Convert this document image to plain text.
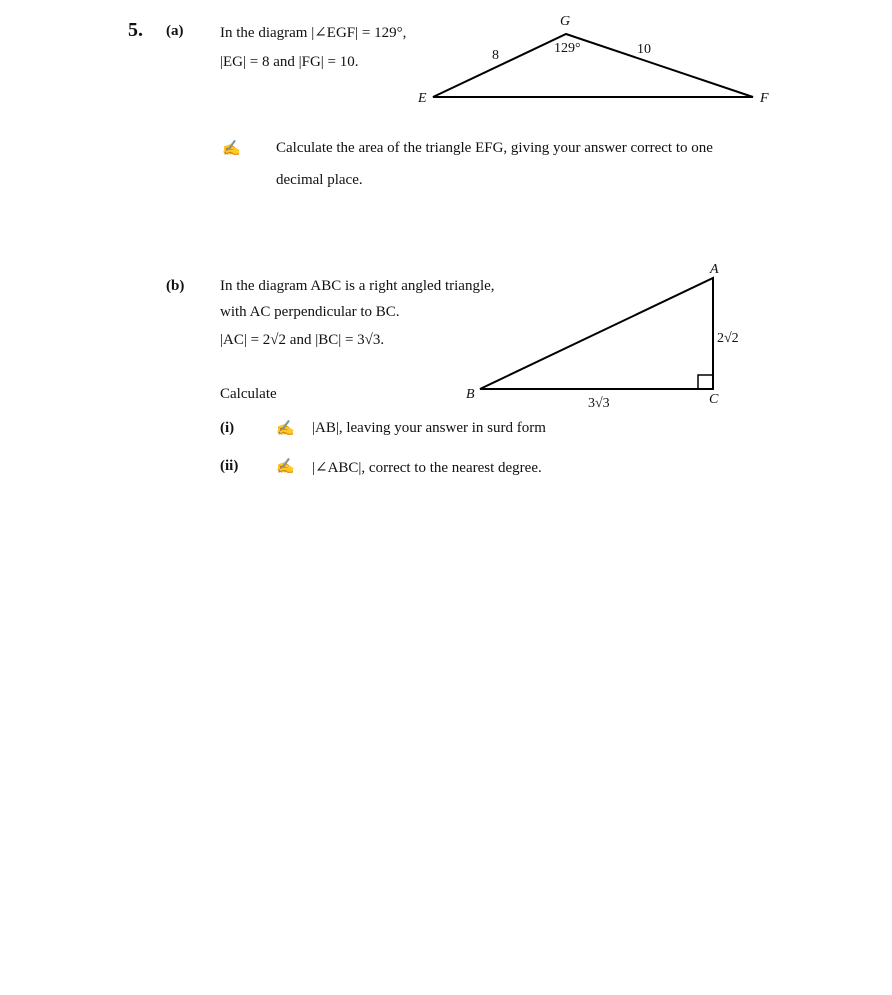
5. (a) In the diagram |∠EGF| = 129°,
|EG| = 8 and |FG| = 10.
✍ Calculate the area of the triangle EFG, giving your answer correct to one
decimal place.
(b) In the diagram ABC is a right angled triangle,
with AC perpendicular to BC.
|AC| = 2√2 and |BC| = 3√3.
Calculate
(i)	✍ |AB|, leaving your answer in surd form
(ii)	✍ |∠ABC|, correct to the nearest degree.
E	F
G
8	10
129°
A
B	C
2√2
3√3
